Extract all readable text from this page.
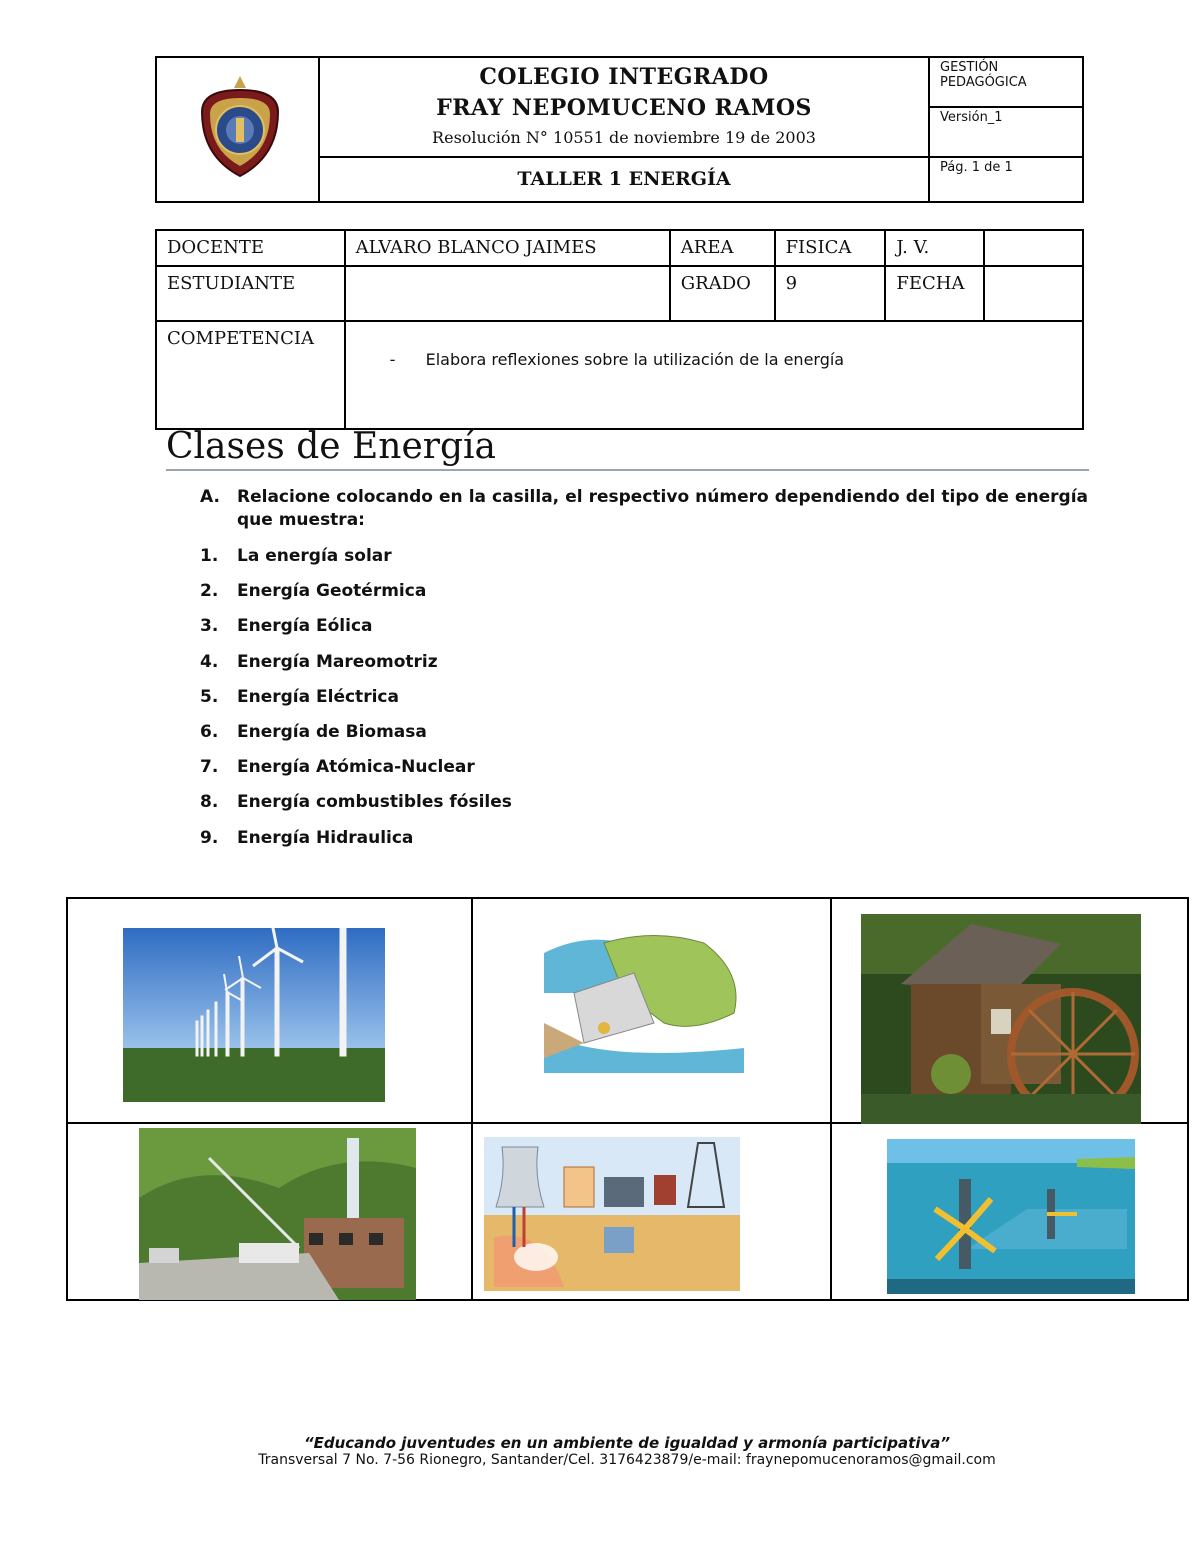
COLEGIO INTEGRADO
FRAY NEPOMUCENO RAMOS
Resolución N° 10551 de noviembre 19 de 2003
TALLER 1 ENERGÍA
GESTIÓN PEDAGÓGICA
Versión_1
Pág. 1 de 1
DOCENTE	ALVARO BLANCO JAIMES	AREA	FISICA	J. V.	
ESTUDIANTE		GRADO	9	FECHA	
COMPETENCIA	- Elabora reflexiones sobre la utilización de la energía				
Clases de Energía
A. Relacione colocando en la casilla, el respectivo número dependiendo del tipo de energía que muestra:
1. La energía solar
2. Energía Geotérmica
3. Energía Eólica
4. Energía Mareomotriz
5. Energía Eléctrica
6. Energía de Biomasa
7. Energía Atómica-Nuclear
8. Energía combustibles fósiles
9. Energía Hidraulica
“Educando juventudes en un ambiente de igualdad y armonía participativa”
Transversal 7 No. 7-56 Rionegro, Santander/Cel. 3176423879/e-mail: fraynepomucenoramos@gmail.com
